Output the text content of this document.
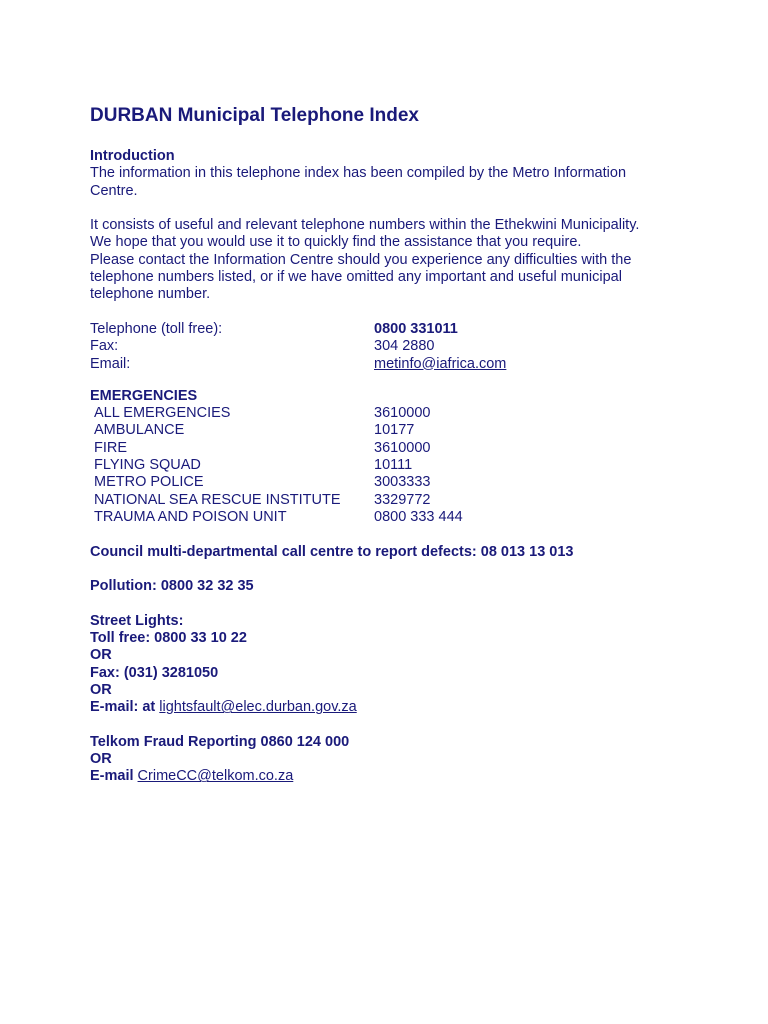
DURBAN Municipal Telephone Index
Introduction
The information in this telephone index has been compiled by the Metro Information
Centre.
It consists of useful and relevant telephone numbers within the Ethekwini Municipality.
We hope that you would use it to quickly find the assistance that you require.
Please contact the Information Centre should you experience any difficulties with the
telephone numbers listed, or if we have omitted any important and useful municipal
telephone number.
Telephone (toll free):	0800 331011
Fax:	304 2880
Email:	metinfo@iafrica.com
EMERGENCIES
ALL EMERGENCIES	3610000
AMBULANCE	10177
FIRE	3610000
FLYING SQUAD	10111
METRO POLICE	3003333
NATIONAL SEA RESCUE INSTITUTE	3329772
TRAUMA AND POISON UNIT	0800 333 444
Council multi-departmental call centre to report defects: 08 013 13 013
Pollution: 0800 32 32 35
Street Lights:
Toll free: 0800 33 10 22
OR
Fax: (031) 3281050
OR
E-mail: at lightsfault@elec.durban.gov.za
Telkom Fraud Reporting 0860 124 000
OR
E-mail CrimeCC@telkom.co.za
